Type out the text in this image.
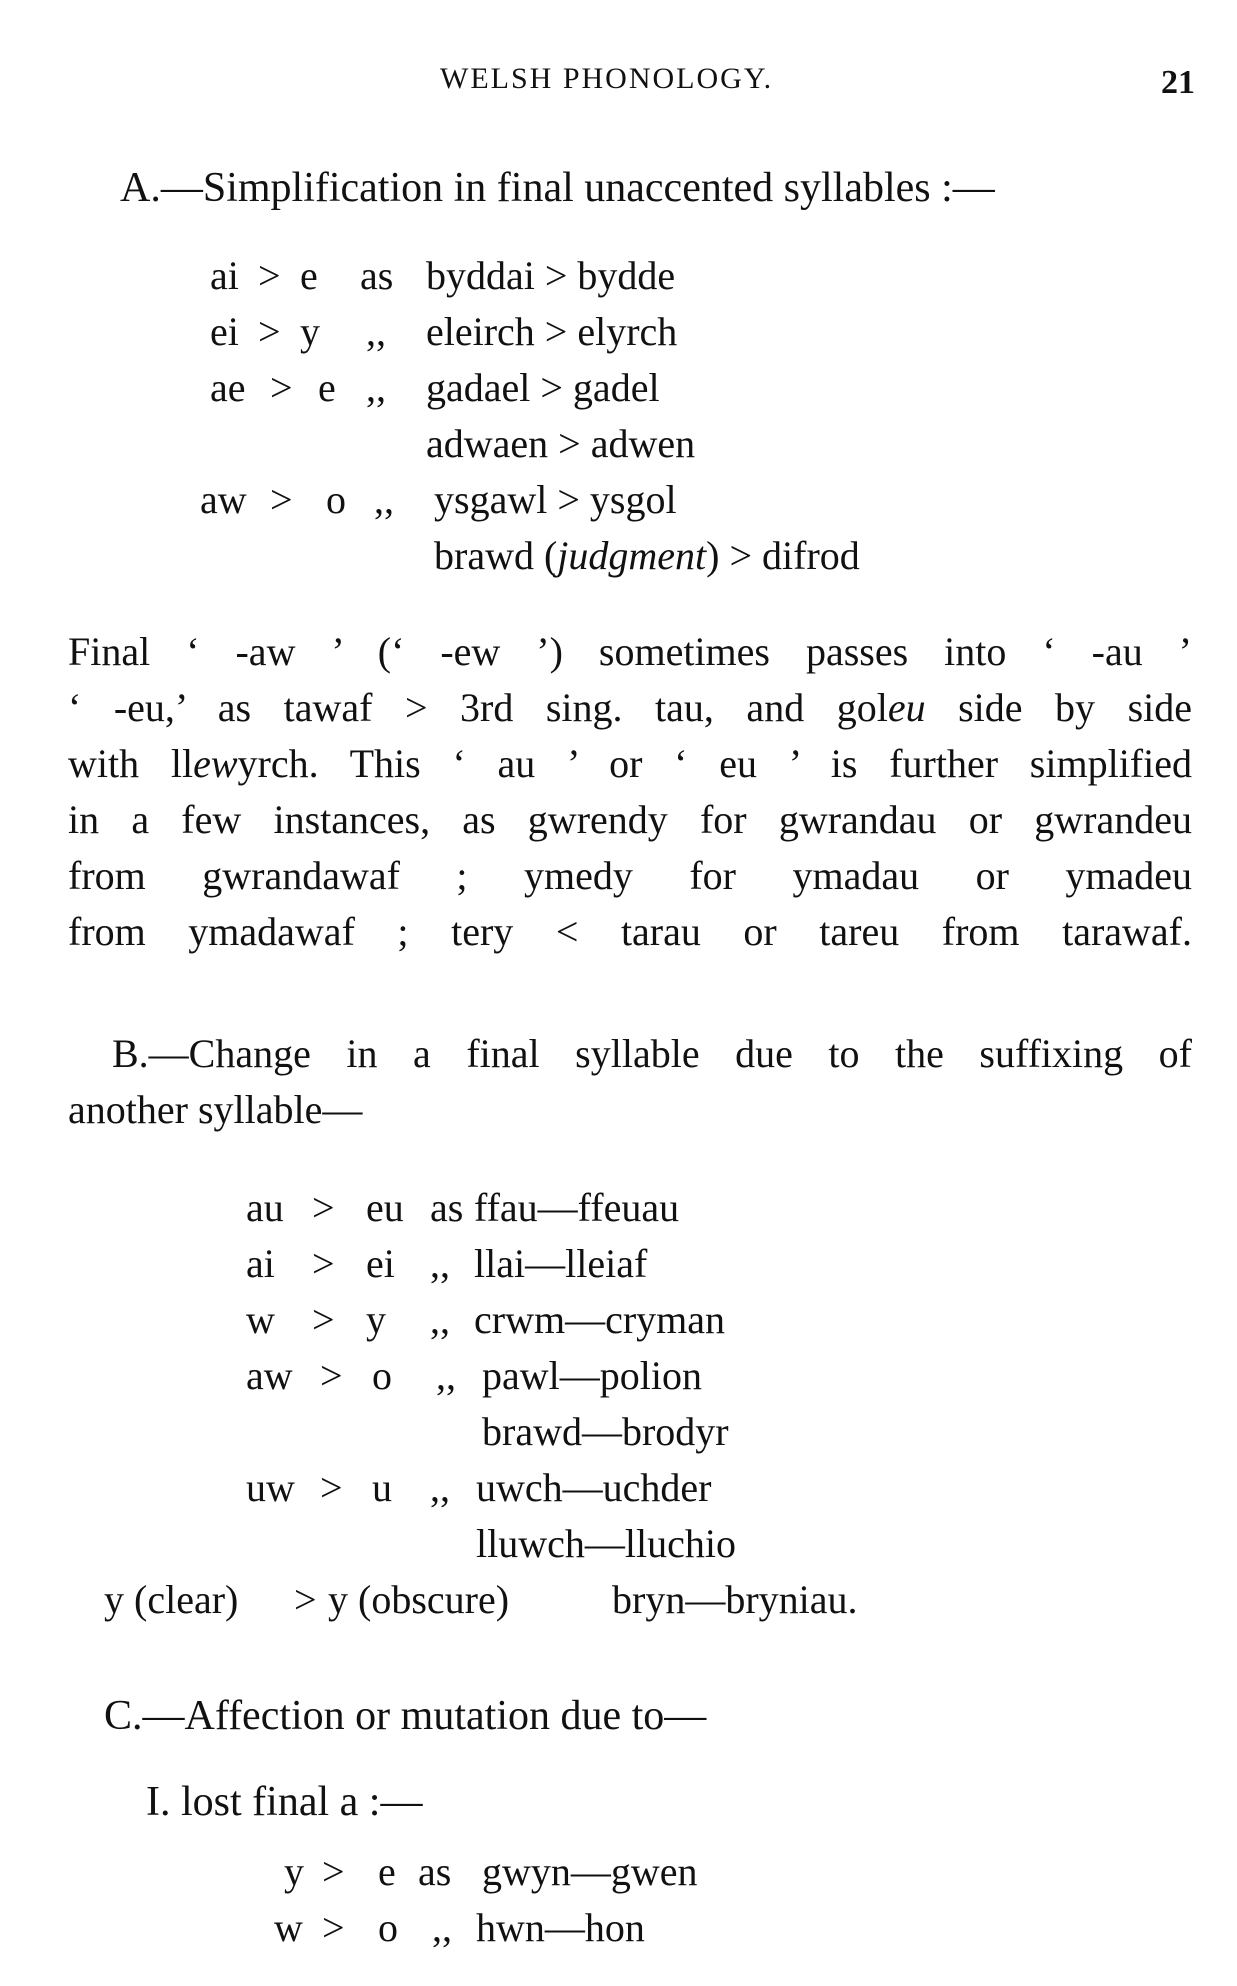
WELSH PHONOLOGY.	21
A.—Simplification in final unaccented syllables :—
ai > e as byddai > bydde
ei > y ,, eleirch > elyrch
ae > e ,, gadael > gadel
adwaen > adwen
aw > o ,, ysgawl > ysgol
brawd (judgment) > difrod
Final ‘ -aw ’ (‘ -ew ’) sometimes passes into ‘ -au ’
‘ -eu,’ as tawaf > 3rd sing. tau, and goleu side by side
with llewyrch. This ‘ au ’ or ‘ eu ’ is further simplified
in a few instances, as gwrendy for gwrandau or gwrandeu
from gwrandawaf ; ymedy for ymadau or ymadeu
from ymadawaf ; tery < tarau or tareu from tarawaf.
B.—Change in a final syllable due to the suffixing of
another syllable—
au > eu as ffau—ffeuau
ai > ei ,, llai—lleiaf
w > y ,, crwm—cryman
aw > o ,, pawl—polion
brawd—brodyr
uw > u ,, uwch—uchder
lluwch—lluchio
y (clear) > y (obscure)	bryn—bryniau.
C.—Affection or mutation due to—
I. lost final a :—
y > e as gwyn—gwen
w > o ,, hwn—hon
